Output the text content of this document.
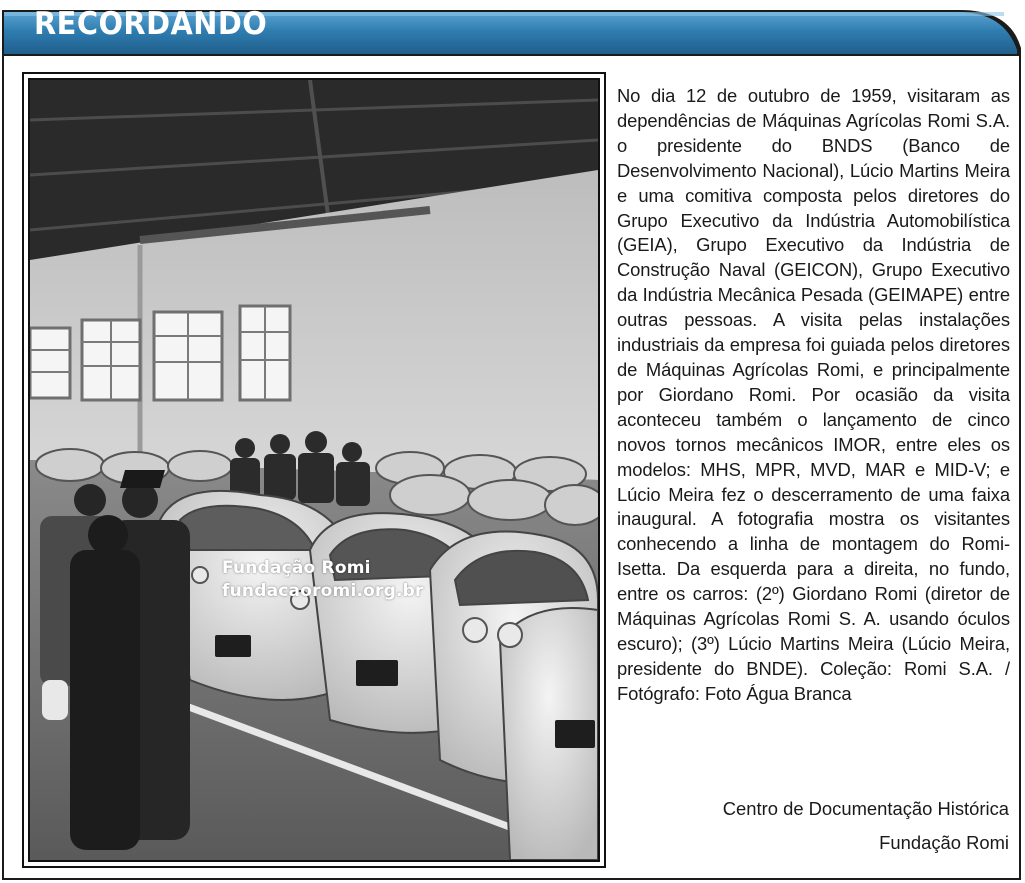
RECORDANDO
Fundação Romi
fundacaoromi.org.br
No dia 12 de outubro de 1959, visitaram as dependências de Máquinas Agrícolas Romi S.A. o presidente do BNDS (Banco de Desenvolvimento Nacional), Lúcio Martins Meira e uma comitiva composta pelos diretores do Grupo Executivo da Indústria Automobilística (GEIA), Grupo Executivo da Indústria de Construção Naval (GEICON), Grupo Executivo da Indústria Mecânica Pesada (GEIMAPE) entre outras pessoas. A visita pelas instalações industriais da empresa foi guiada pelos diretores de Máquinas Agrícolas Romi, e principalmente por Giordano Romi. Por ocasião da visita aconteceu também o lançamento de cinco novos tornos mecânicos IMOR, entre eles os modelos: MHS, MPR, MVD, MAR e MID-V; e Lúcio Meira fez o descerramento de uma faixa inaugural. A fotografia mostra os visitantes conhecendo a linha de montagem do Romi-Isetta. Da esquerda para a direita, no fundo, entre os carros: (2º) Giordano Romi (diretor de Máquinas Agrícolas Romi S. A. usando óculos escuro); (3º) Lúcio Martins Meira (Lúcio Meira, presidente do BNDE). Coleção: Romi S.A. / Fotógrafo: Foto Água Branca
Centro de Documentação Histórica
Fundação Romi
